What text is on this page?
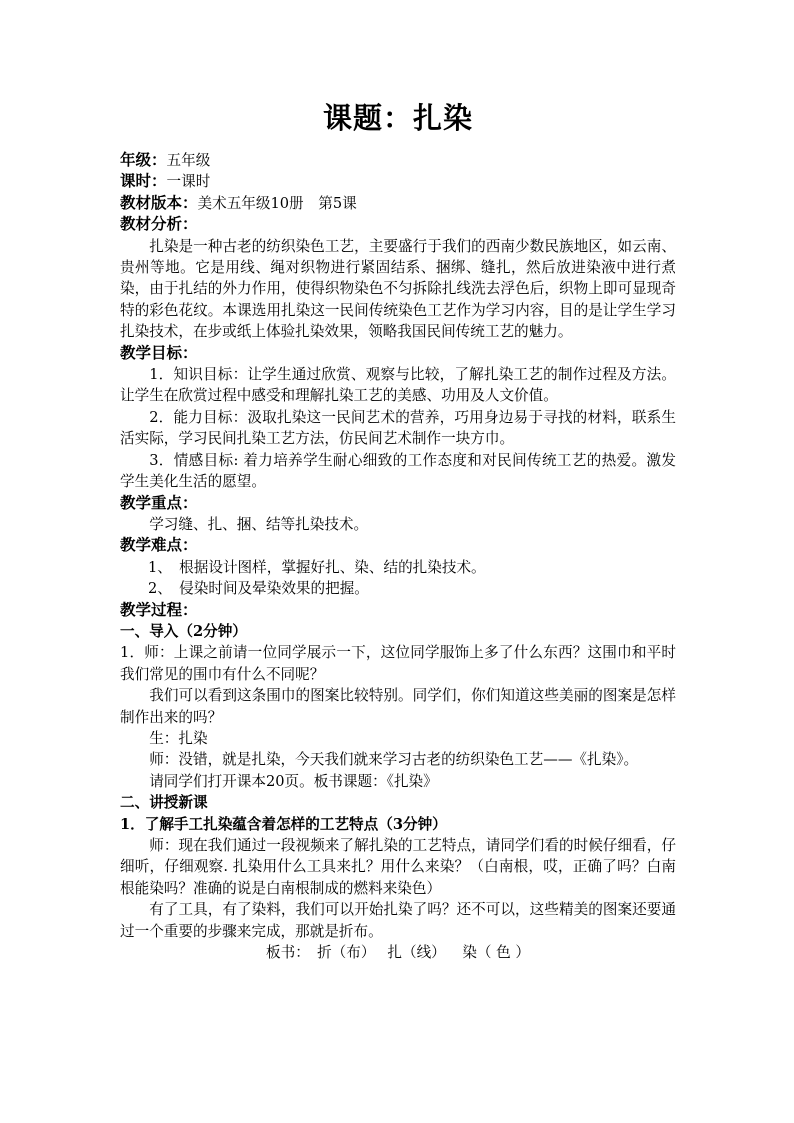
课题：扎染
年级：五年级
课时：一课时
教材版本：美术五年级10册　第5课
教材分析：

扎染是一种古老的纺织染色工艺，主要盛行于我们的西南少数民族地区，如云南、贵州等地。它是用线、绳对织物进行紧固结系、捆绑、缝扎，然后放进染液中进行煮染，由于扎结的外力作用，使得织物染色不匀拆除扎线洗去浮色后，织物上即可显现奇特的彩色花纹。本课选用扎染这一民间传统染色工艺作为学习内容，目的是让学生学习扎染技术，在步或纸上体验扎染效果，领略我国民间传统工艺的魅力。

教学目标：

1．知识目标：让学生通过欣赏、观察与比较，了解扎染工艺的制作过程及方法。让学生在欣赏过程中感受和理解扎染工艺的美感、功用及人文价值。

2．能力目标：汲取扎染这一民间艺术的营养，巧用身边易于寻找的材料，联系生活实际，学习民间扎染工艺方法，仿民间艺术制作一块方巾。

3．情感目标: 着力培养学生耐心细致的工作态度和对民间传统工艺的热爱。激发学生美化生活的愿望。

教学重点：

学习缝、扎、捆、结等扎染技术。

教学难点：

1、　根据设计图样，掌握好扎、染、结的扎染技术。

2、　侵染时间及晕染效果的把握。

教学过程：
一、导入（2分钟）

1．师：上课之前请一位同学展示一下，这位同学服饰上多了什么东西？这围巾和平时我们常见的围巾有什么不同呢？

我们可以看到这条围巾的图案比较特别。同学们，你们知道这些美丽的图案是怎样制作出来的吗？

生：扎染

师：没错，就是扎染，今天我们就来学习古老的纺织染色工艺——《扎染》。

请同学们打开课本20页。板书课题：《扎染》

二、讲授新课
1．了解手工扎染蕴含着怎样的工艺特点（3分钟）

师：现在我们通过一段视频来了解扎染的工艺特点，请同学们看的时候仔细看，仔细听，仔细观察. 扎染用什么工具来扎？用什么来染？（白南根，哎，正确了吗？白南根能染吗？准确的说是白南根制成的燃料来染色）

有了工具，有了染料，我们可以开始扎染了吗？还不可以，这些精美的图案还要通过一个重要的步骤来完成，那就是折布。

板书：　折（布）　 扎（线）　  染（ 色 ）
